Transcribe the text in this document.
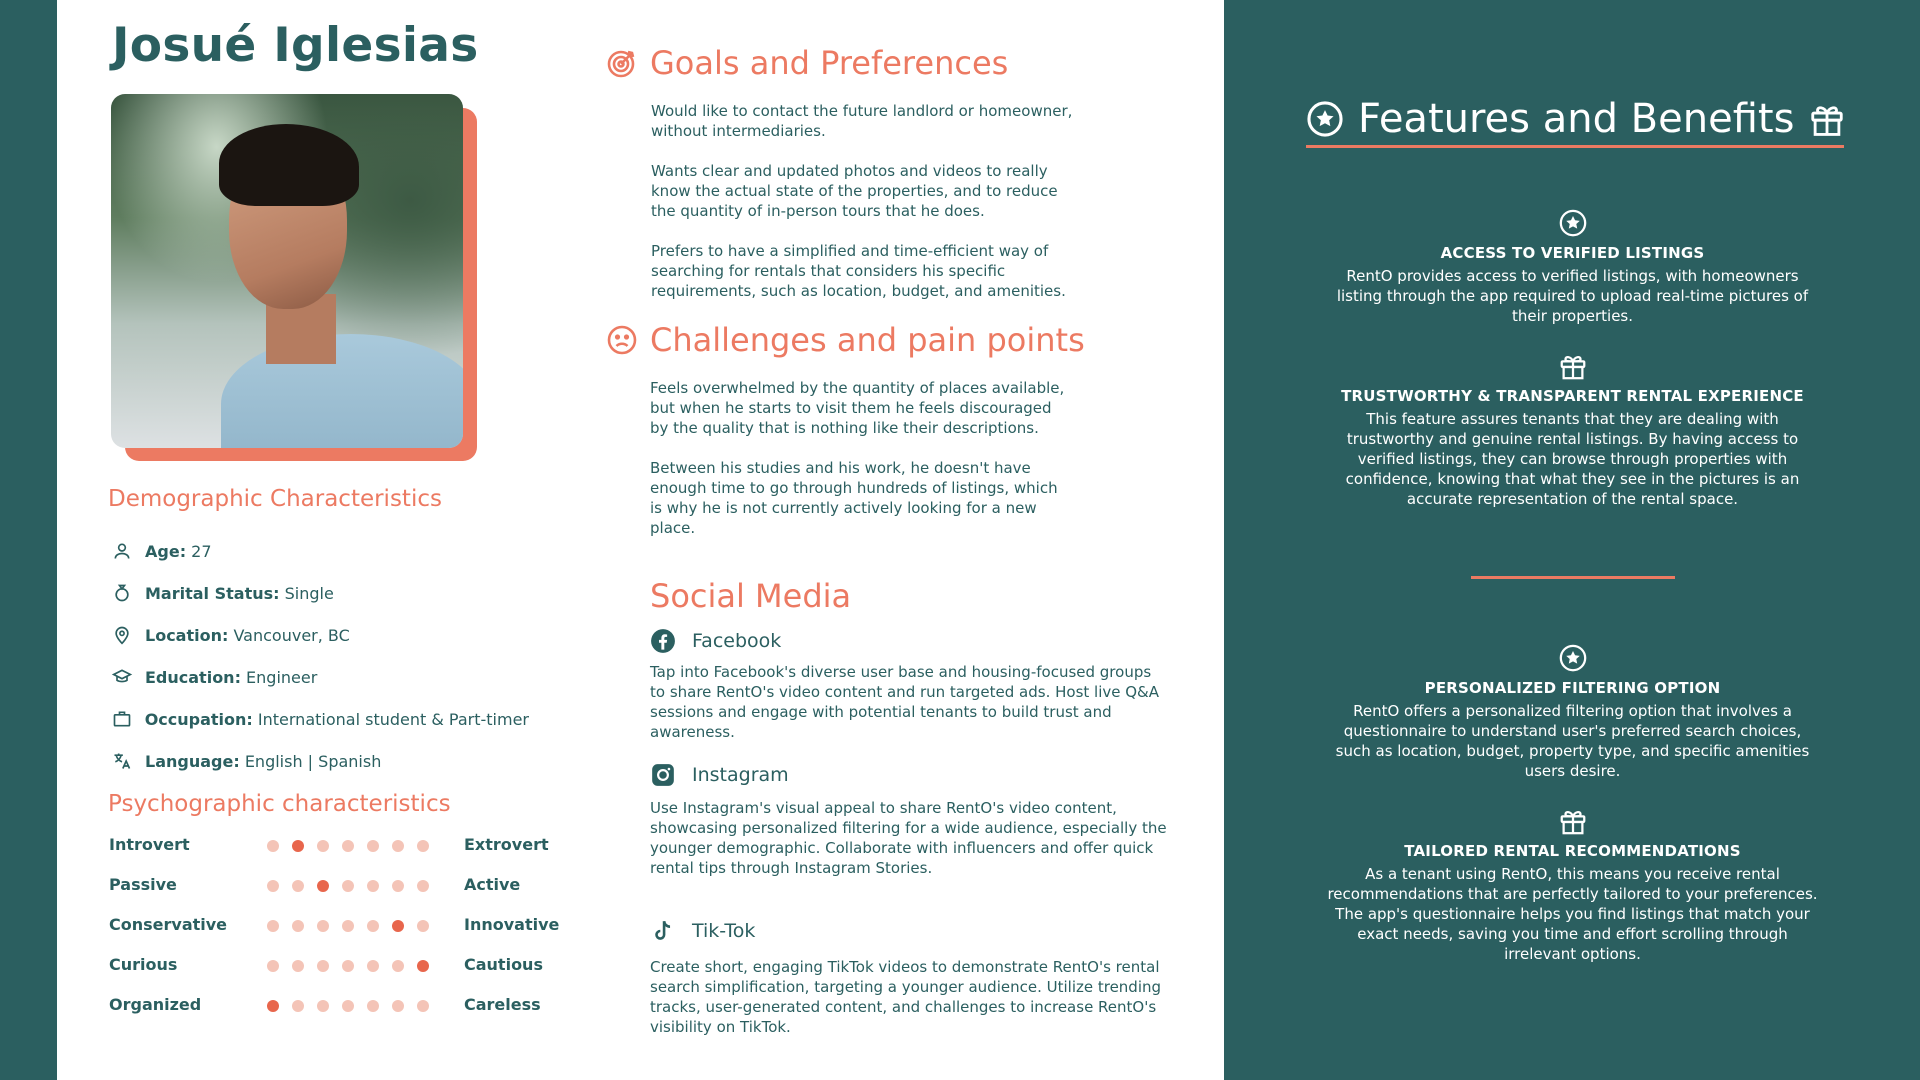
Josué Iglesias
Demographic Characteristics
Age: 27
Marital Status: Single
Location: Vancouver, BC
Education: Engineer
Occupation: International student & Part-timer
Language: English | Spanish
Psychographic characteristics
Introvert	Extrovert
Passive	Active
Conservative	Innovative
Curious	Cautious
Organized	Careless
Goals and Preferences
Would like to contact the future landlord or homeowner, without intermediaries.
Wants clear and updated photos and videos to really know the actual state of the properties, and to reduce the quantity of in-person tours that he does.
Prefers to have a simplified and time-efficient way of searching for rentals that considers his specific requirements, such as location, budget, and amenities.
Challenges and pain points
Feels overwhelmed by the quantity of places available, but when he starts to visit them he feels discouraged by the quality that is nothing like their descriptions.
Between his studies and his work, he doesn't have enough time to go through hundreds of listings, which is why he is not currently actively looking for a new place.
Social Media
Facebook
Tap into Facebook's diverse user base and housing-focused groups to share RentO's video content and run targeted ads. Host live Q&A sessions and engage with potential tenants to build trust and awareness.
Instagram
Use Instagram's visual appeal to share RentO's video content, showcasing personalized filtering for a wide audience, especially the younger demographic. Collaborate with influencers and offer quick rental tips through Instagram Stories.
Tik-Tok
Create short, engaging TikTok videos to demonstrate RentO's rental search simplification, targeting a younger audience. Utilize trending tracks, user-generated content, and challenges to increase RentO's visibility on TikTok.
Features and Benefits
ACCESS TO VERIFIED LISTINGS
RentO provides access to verified listings, with homeowners listing through the app required to upload real-time pictures of their properties.
TRUSTWORTHY & TRANSPARENT RENTAL EXPERIENCE
This feature assures tenants that they are dealing with trustworthy and genuine rental listings. By having access to verified listings, they can browse through properties with confidence, knowing that what they see in the pictures is an accurate representation of the rental space.
PERSONALIZED FILTERING OPTION
RentO offers a personalized filtering option that involves a questionnaire to understand user's preferred search choices, such as location, budget, property type, and specific amenities users desire.
TAILORED RENTAL RECOMMENDATIONS
As a tenant using RentO, this means you receive rental recommendations that are perfectly tailored to your preferences. The app's questionnaire helps you find listings that match your exact needs, saving you time and effort scrolling through irrelevant options.
